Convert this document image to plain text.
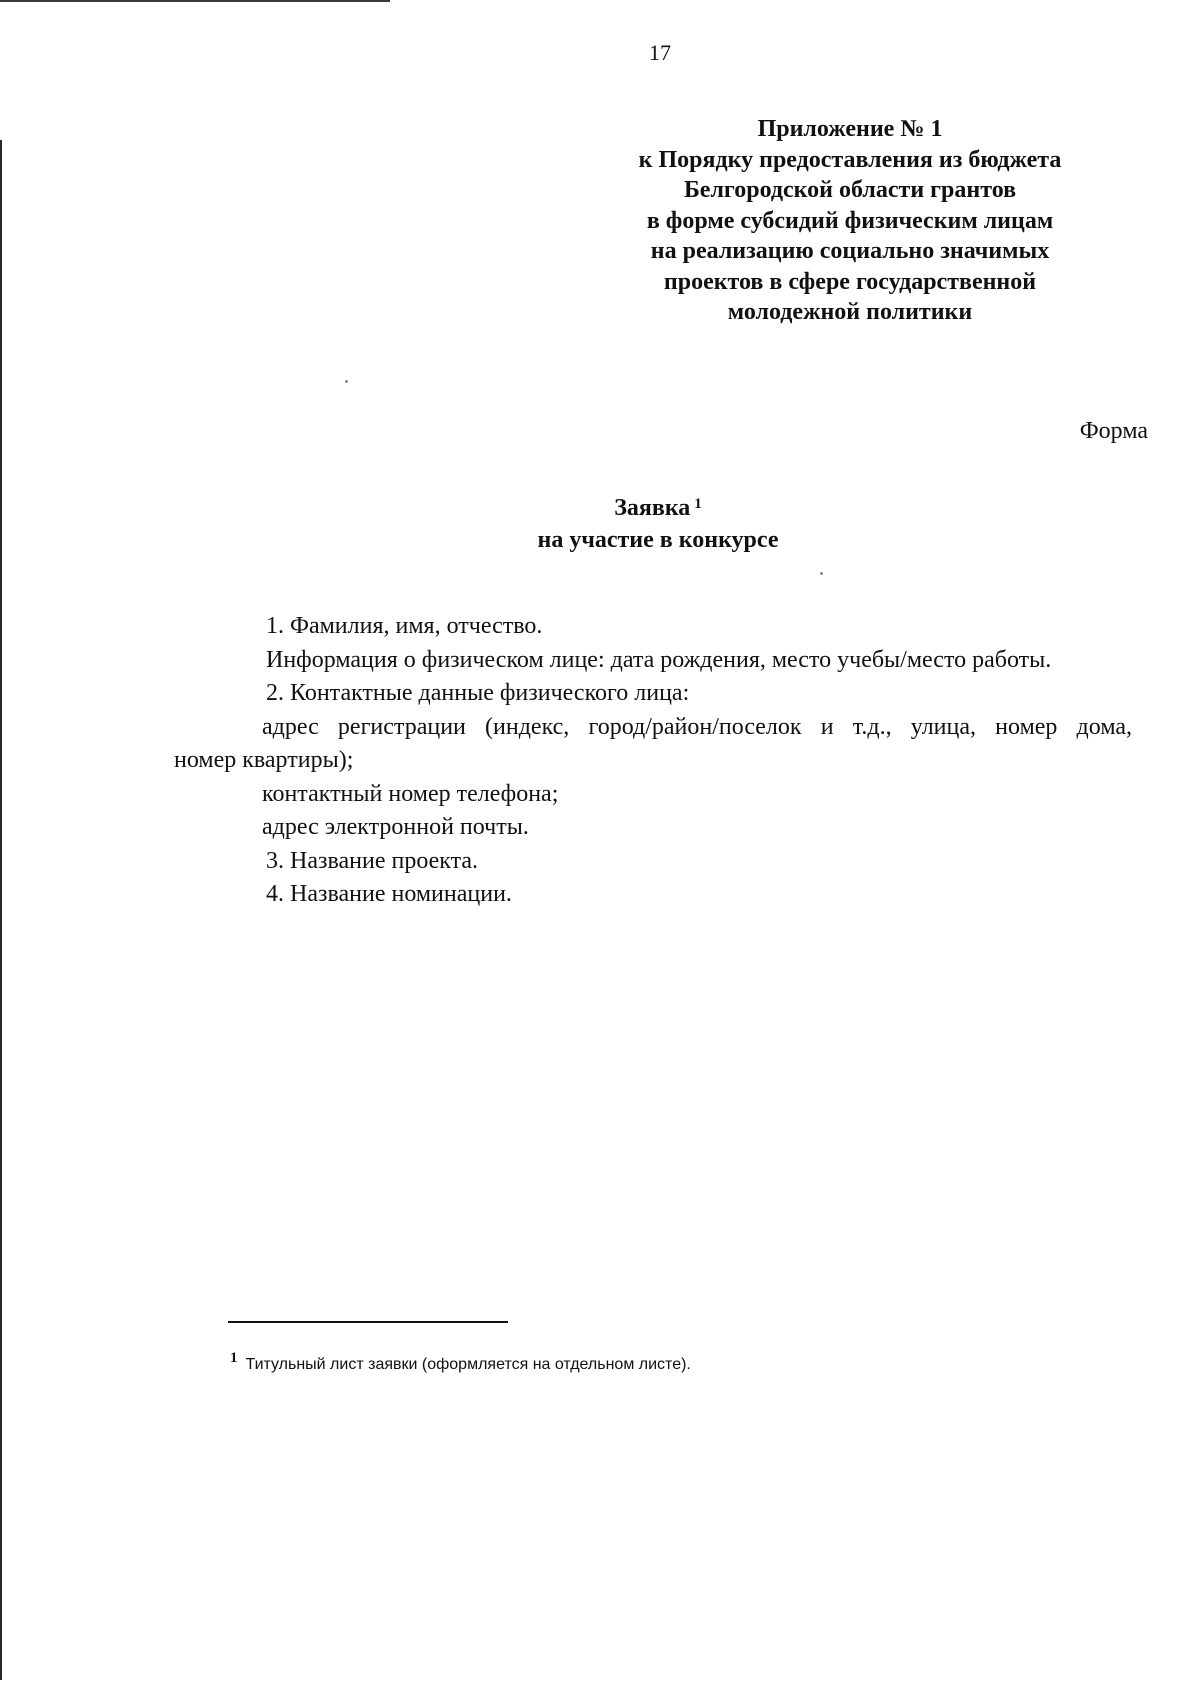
17
Приложение № 1
к Порядку предоставления из бюджета
Белгородской области грантов
в форме субсидий физическим лицам
на реализацию социально значимых
проектов в сфере государственной
молодежной политики
Форма
Заявка $^1$
на участие в конкурсе

1. Фамилия, имя, отчество.

Информация о физическом лице: дата рождения, место учебы/место работы.

2. Контактные данные физического лица:

адрес регистрации (индекс, город/район/поселок и т.д., улица, номер дома,

номер квартиры);

контактный номер телефона;

адрес электронной почты.

3. Название проекта.

4. Название номинации.

$^1$ Титульный лист заявки (оформляется на отдельном листе).
